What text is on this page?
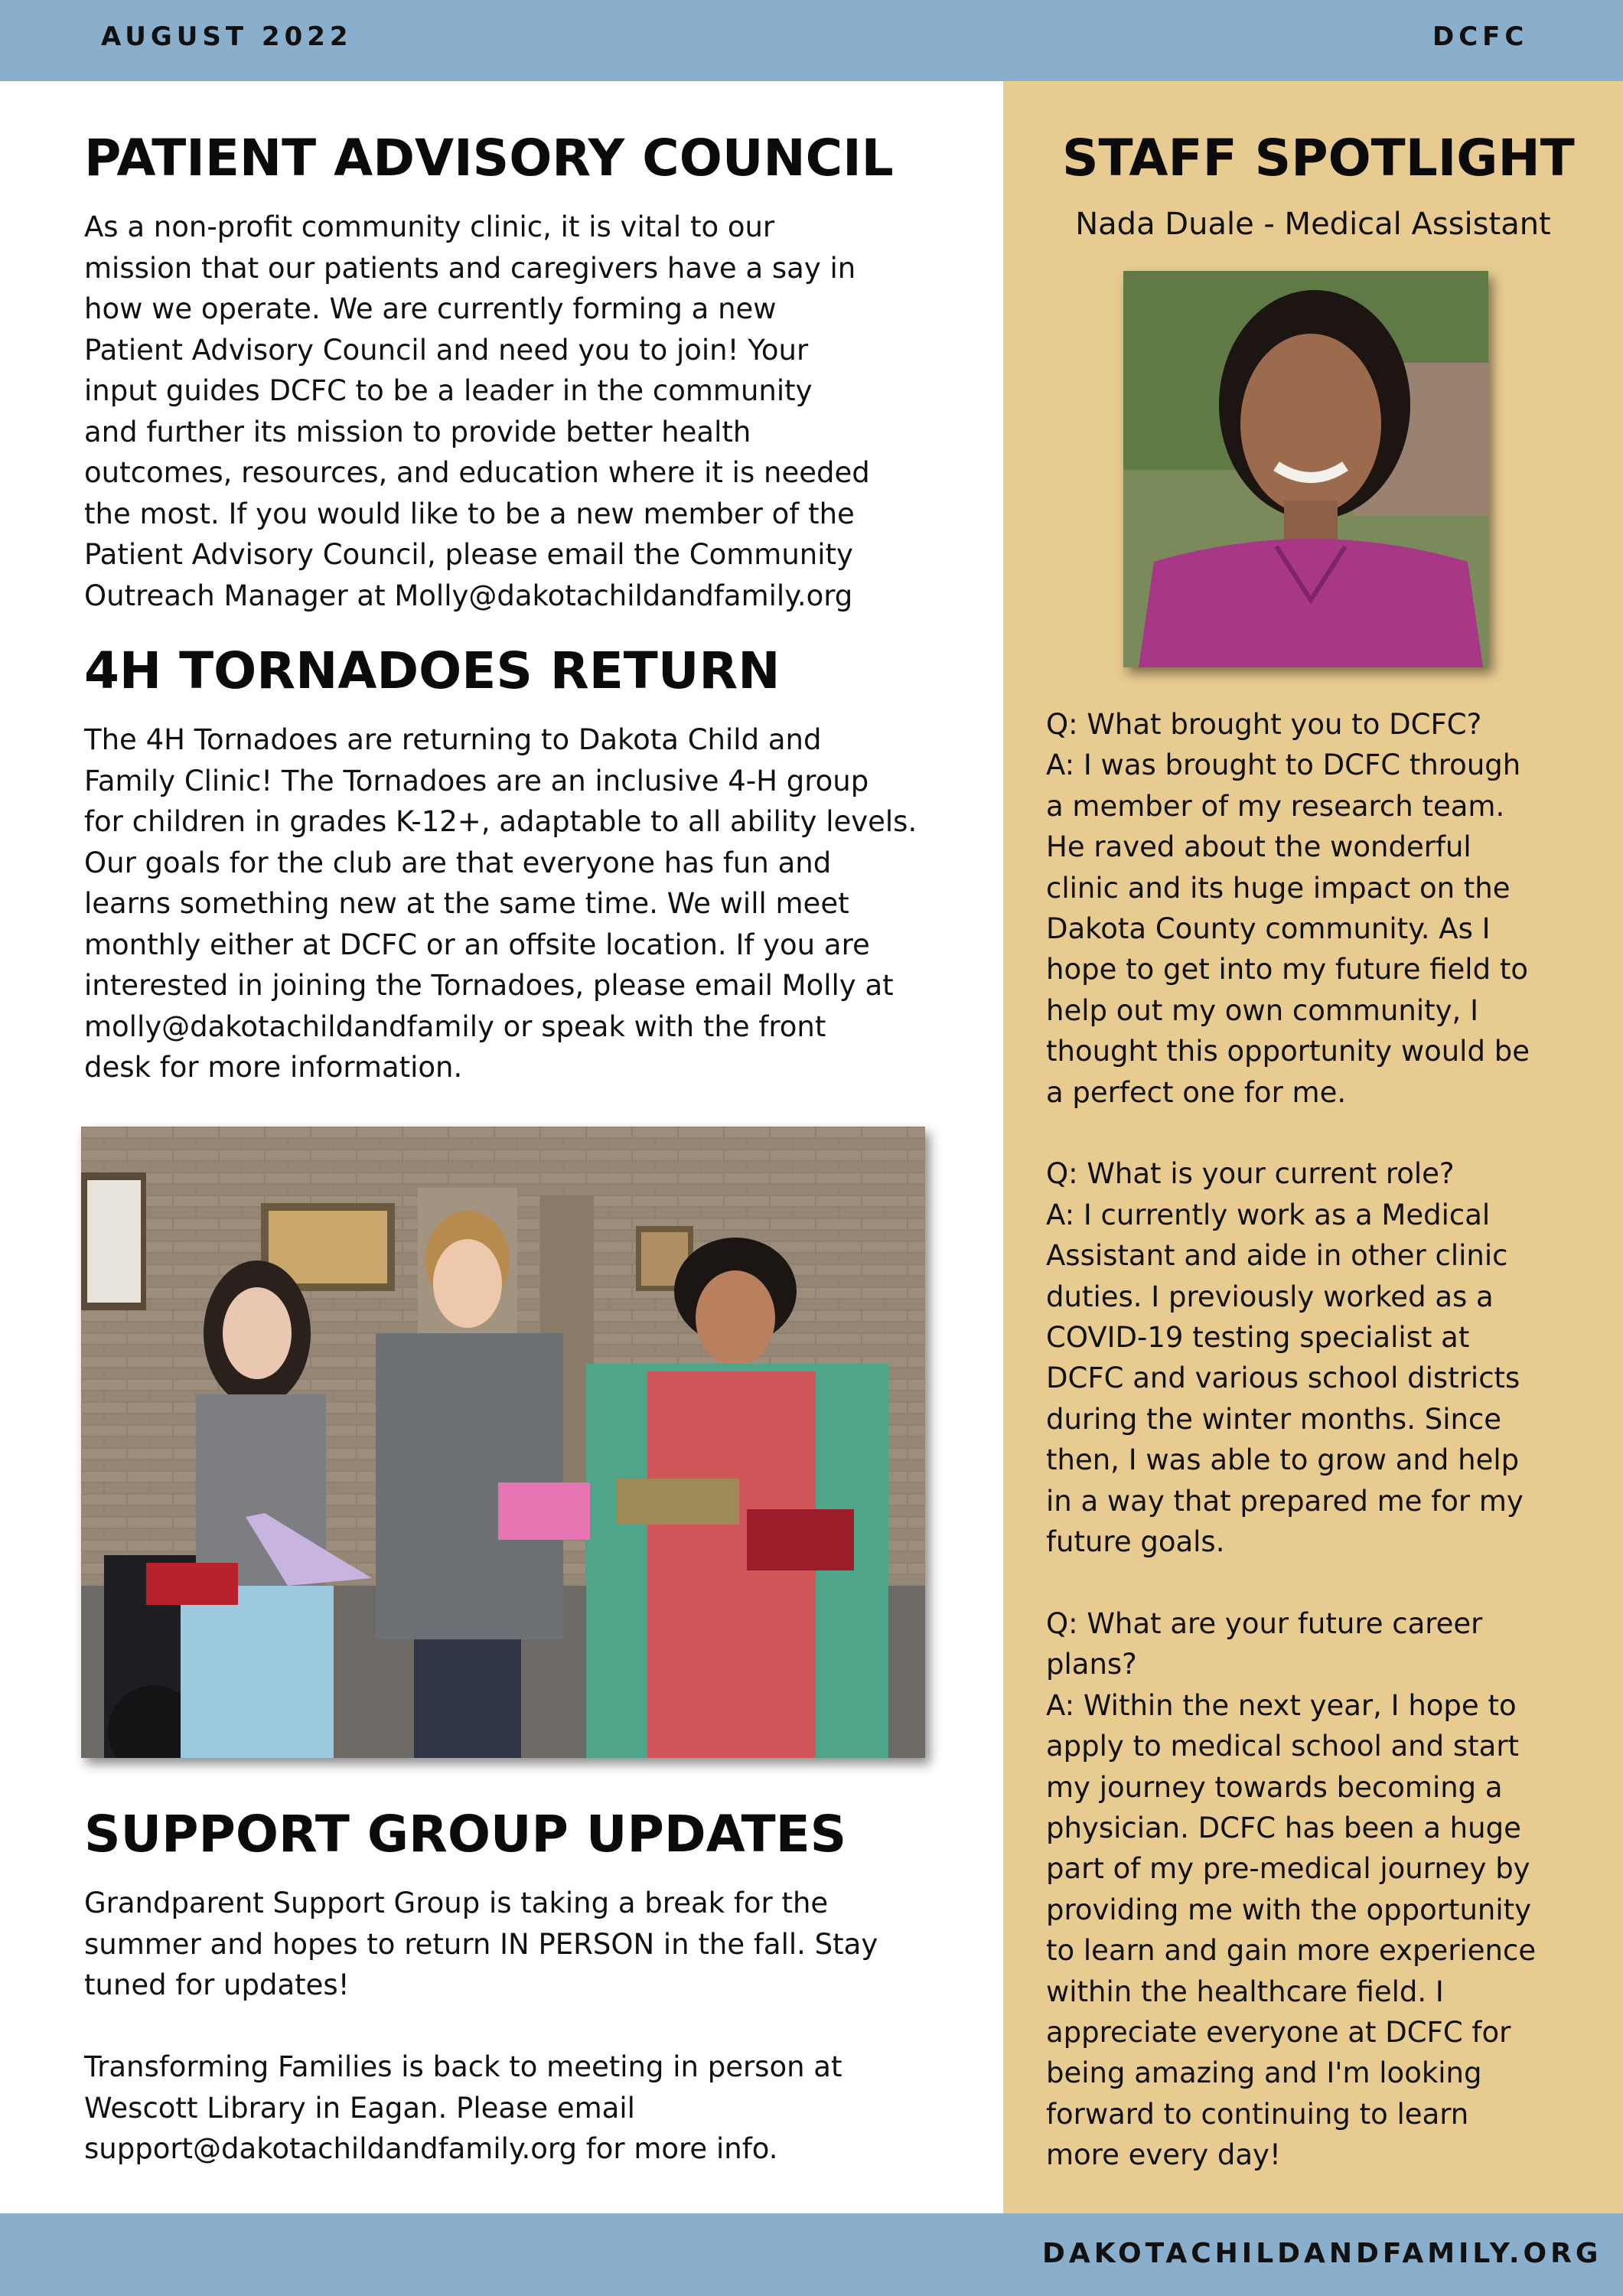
AUGUST 2022	DCFC
PATIENT ADVISORY COUNCIL

As a non-profit community clinic, it is vital to our

mission that our patients and caregivers have a say in

how we operate. We are currently forming a new

Patient Advisory Council and need you to join! Your

input guides DCFC to be a leader in the community

and further its mission to provide better health

outcomes, resources, and education where it is needed

the most. If you would like to be a new member of the

Patient Advisory Council, please email the Community

Outreach Manager at Molly@dakotachildandfamily.org

4H TORNADOES RETURN

The 4H Tornadoes are returning to Dakota Child and

Family Clinic! The Tornadoes are an inclusive 4-H group

for children in grades K-12+, adaptable to all ability levels.

Our goals for the club are that everyone has fun and

learns something new at the same time. We will meet

monthly either at DCFC or an offsite location. If you are

interested in joining the Tornadoes, please email Molly at

molly@dakotachildandfamily or speak with the front

desk for more information.

SUPPORT GROUP UPDATES

Grandparent Support Group is taking a break for the

summer and hopes to return IN PERSON in the fall. Stay

tuned for updates!

Transforming Families is back to meeting in person at

Wescott Library in Eagan. Please email

support@dakotachildandfamily.org for more info.

STAFF SPOTLIGHT
Nada Duale - Medical Assistant

Q: What brought you to DCFC?

A: I was brought to DCFC through

a member of my research team.

He raved about the wonderful

clinic and its huge impact on the

Dakota County community. As I

hope to get into my future field to

help out my own community, I

thought this opportunity would be

a perfect one for me.

Q: What is your current role?

A: I currently work as a Medical

Assistant and aide in other clinic

duties. I previously worked as a

COVID-19 testing specialist at

DCFC and various school districts

during the winter months. Since

then, I was able to grow and help

in a way that prepared me for my

future goals.

Q: What are your future career

plans?

A: Within the next year, I hope to

apply to medical school and start

my journey towards becoming a

physician. DCFC has been a huge

part of my pre-medical journey by

providing me with the opportunity

to learn and gain more experience

within the healthcare field. I

appreciate everyone at DCFC for

being amazing and I'm looking

forward to continuing to learn

more every day!

DAKOTACHILDANDFAMILY.ORG
